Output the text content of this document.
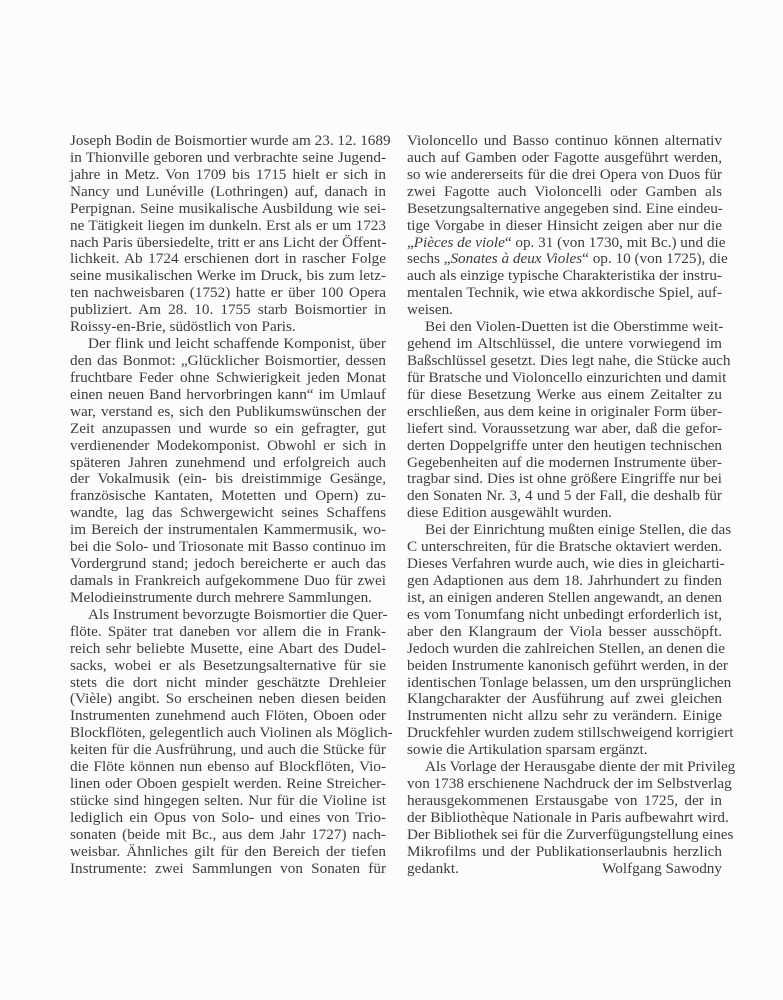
Joseph Bodin de Boismortier wurde am 23. 12. 1689
in Thionville geboren und verbrachte seine Jugend-
jahre in Metz. Von 1709 bis 1715 hielt er sich in
Nancy und Lunéville (Lothringen) auf, danach in
Perpignan. Seine musikalische Ausbildung wie sei-
ne Tätigkeit liegen im dunkeln. Erst als er um 1723
nach Paris übersiedelte, tritt er ans Licht der Öffent-
lichkeit. Ab 1724 erschienen dort in rascher Folge
seine musikalischen Werke im Druck, bis zum letz-
ten nachweisbaren (1752) hatte er über 100 Opera
publiziert. Am 28. 10. 1755 starb Boismortier in
Roissy-en-Brie, südöstlich von Paris.
Der flink und leicht schaffende Komponist, über
den das Bonmot: „Glücklicher Boismortier, dessen
fruchtbare Feder ohne Schwierigkeit jeden Monat
einen neuen Band hervorbringen kann“ im Umlauf
war, verstand es, sich den Publikumswünschen der
Zeit anzupassen und wurde so ein gefragter, gut
verdienender Modekomponist. Obwohl er sich in
späteren Jahren zunehmend und erfolgreich auch
der Vokalmusik (ein- bis dreistimmige Gesänge,
französische Kantaten, Motetten und Opern) zu-
wandte, lag das Schwergewicht seines Schaffens
im Bereich der instrumentalen Kammermusik, wo-
bei die Solo- und Triosonate mit Basso continuo im
Vordergrund stand; jedoch bereicherte er auch das
damals in Frankreich aufgekommene Duo für zwei
Melodieinstrumente durch mehrere Sammlungen.
Als Instrument bevorzugte Boismortier die Quer-
flöte. Später trat daneben vor allem die in Frank-
reich sehr beliebte Musette, eine Abart des Dudel-
sacks, wobei er als Besetzungsalternative für sie
stets die dort nicht minder geschätzte Drehleier
(Vièle) angibt. So erscheinen neben diesen beiden
Instrumenten zunehmend auch Flöten, Oboen oder
Blockflöten, gelegentlich auch Violinen als Möglich-
keiten für die Ausfrührung, und auch die Stücke für
die Flöte können nun ebenso auf Blockflöten, Vio-
linen oder Oboen gespielt werden. Reine Streicher-
stücke sind hingegen selten. Nur für die Violine ist
lediglich ein Opus von Solo- und eines von Trio-
sonaten (beide mit Bc., aus dem Jahr 1727) nach-
weisbar. Ähnliches gilt für den Bereich der tiefen
Instrumente: zwei Sammlungen von Sonaten für
Violoncello und Basso continuo können alternativ
auch auf Gamben oder Fagotte ausgeführt werden,
so wie andererseits für die drei Opera von Duos für
zwei Fagotte auch Violoncelli oder Gamben als
Besetzungsalternative angegeben sind. Eine eindeu-
tige Vorgabe in dieser Hinsicht zeigen aber nur die
„Pièces de viole“ op. 31 (von 1730, mit Bc.) und die
sechs „Sonates à deux Violes“ op. 10 (von 1725), die
auch als einzige typische Charakteristika der instru-
mentalen Technik, wie etwa akkordische Spiel, auf-
weisen.
Bei den Violen-Duetten ist die Oberstimme weit-
gehend im Altschlüssel, die untere vorwiegend im
Baßschlüssel gesetzt. Dies legt nahe, die Stücke auch
für Bratsche und Violoncello einzurichten und damit
für diese Besetzung Werke aus einem Zeitalter zu
erschließen, aus dem keine in originaler Form über-
liefert sind. Voraussetzung war aber, daß die gefor-
derten Doppelgriffe unter den heutigen technischen
Gegebenheiten auf die modernen Instrumente über-
tragbar sind. Dies ist ohne größere Eingriffe nur bei
den Sonaten Nr. 3, 4 und 5 der Fall, die deshalb für
diese Edition ausgewählt wurden.
Bei der Einrichtung mußten einige Stellen, die das
C unterschreiten, für die Bratsche oktaviert werden.
Dieses Verfahren wurde auch, wie dies in gleicharti-
gen Adaptionen aus dem 18. Jahrhundert zu finden
ist, an einigen anderen Stellen angewandt, an denen
es vom Tonumfang nicht unbedingt erforderlich ist,
aber den Klangraum der Viola besser ausschöpft.
Jedoch wurden die zahlreichen Stellen, an denen die
beiden Instrumente kanonisch geführt werden, in der
identischen Tonlage belassen, um den ursprünglichen
Klangcharakter der Ausführung auf zwei gleichen
Instrumenten nicht allzu sehr zu verändern. Einige
Druckfehler wurden zudem stillschweigend korrigiert
sowie die Artikulation sparsam ergänzt.
Als Vorlage der Herausgabe diente der mit Privileg
von 1738 erschienene Nachdruck der im Selbstverlag
herausgekommenen Erstausgabe von 1725, der in
der Bibliothèque Nationale in Paris aufbewahrt wird.
Der Bibliothek sei für die Zurverfügungstellung eines
Mikrofilms und der Publikationserlaubnis herzlich
gedankt.	Wolfgang Sawodny
